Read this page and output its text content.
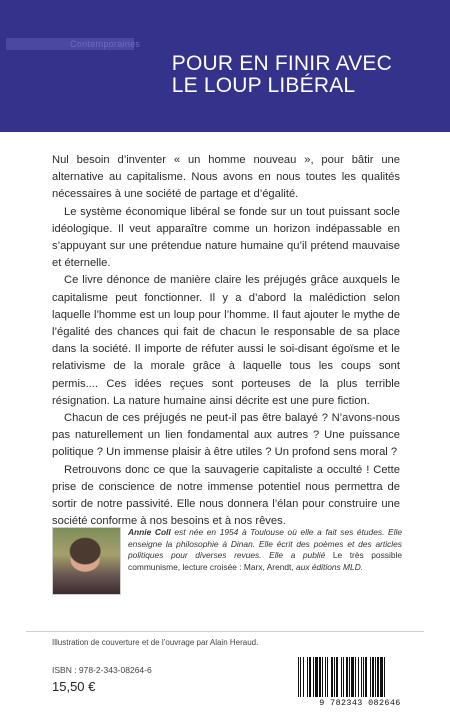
Contemporaines
POUR EN FINIR AVEC
LE LOUP LIBÉRAL

Nul besoin d’inventer « un homme nouveau », pour bâtir une alternative au capitalisme. Nous avons en nous toutes les qualités nécessaires à une société de partage et d’égalité.

Le système économique libéral se fonde sur un tout puissant socle idéologique. Il veut apparaître comme un horizon indépassable en s’appuyant sur une prétendue nature humaine qu’il prétend mauvaise et éternelle.

Ce livre dénonce de manière claire les préjugés grâce auxquels le capitalisme peut fonctionner. Il y a d’abord la malédiction selon laquelle l’homme est un loup pour l’homme. Il faut ajouter le mythe de l’égalité des chances qui fait de chacun le responsable de sa place dans la société. Il importe de réfuter aussi le soi-disant égoïsme et le relativisme de la morale grâce à laquelle tous les coups sont permis.... Ces idées reçues sont porteuses de la plus terrible résignation. La nature humaine ainsi décrite est une pure fiction.

Chacun de ces préjugés ne peut-il pas être balayé ? N’avons-nous pas naturellement un lien fondamental aux autres ? Une puissance politique ? Un immense plaisir à être utiles ? Un profond sens moral ?

Retrouvons donc ce que la sauvagerie capitaliste a occulté ! Cette prise de conscience de notre immense potentiel nous permettra de sortir de notre passivité. Elle nous donnera l’élan pour construire une société conforme à nos besoins et à nos rêves.

Annie Coll est née en 1954 à Toulouse où elle a fait ses études. Elle enseigne la philosophie à Dinan. Elle écrit des poèmes et des articles politiques pour diverses revues. Elle a publié Le très possible communisme, lecture croisée : Marx, Arendt, aux éditions MLD.
Illustration de couverture et de l’ouvrage par Alain Heraud.
ISBN : 978-2-343-08264-6
15,50 €
9 782343 082646
